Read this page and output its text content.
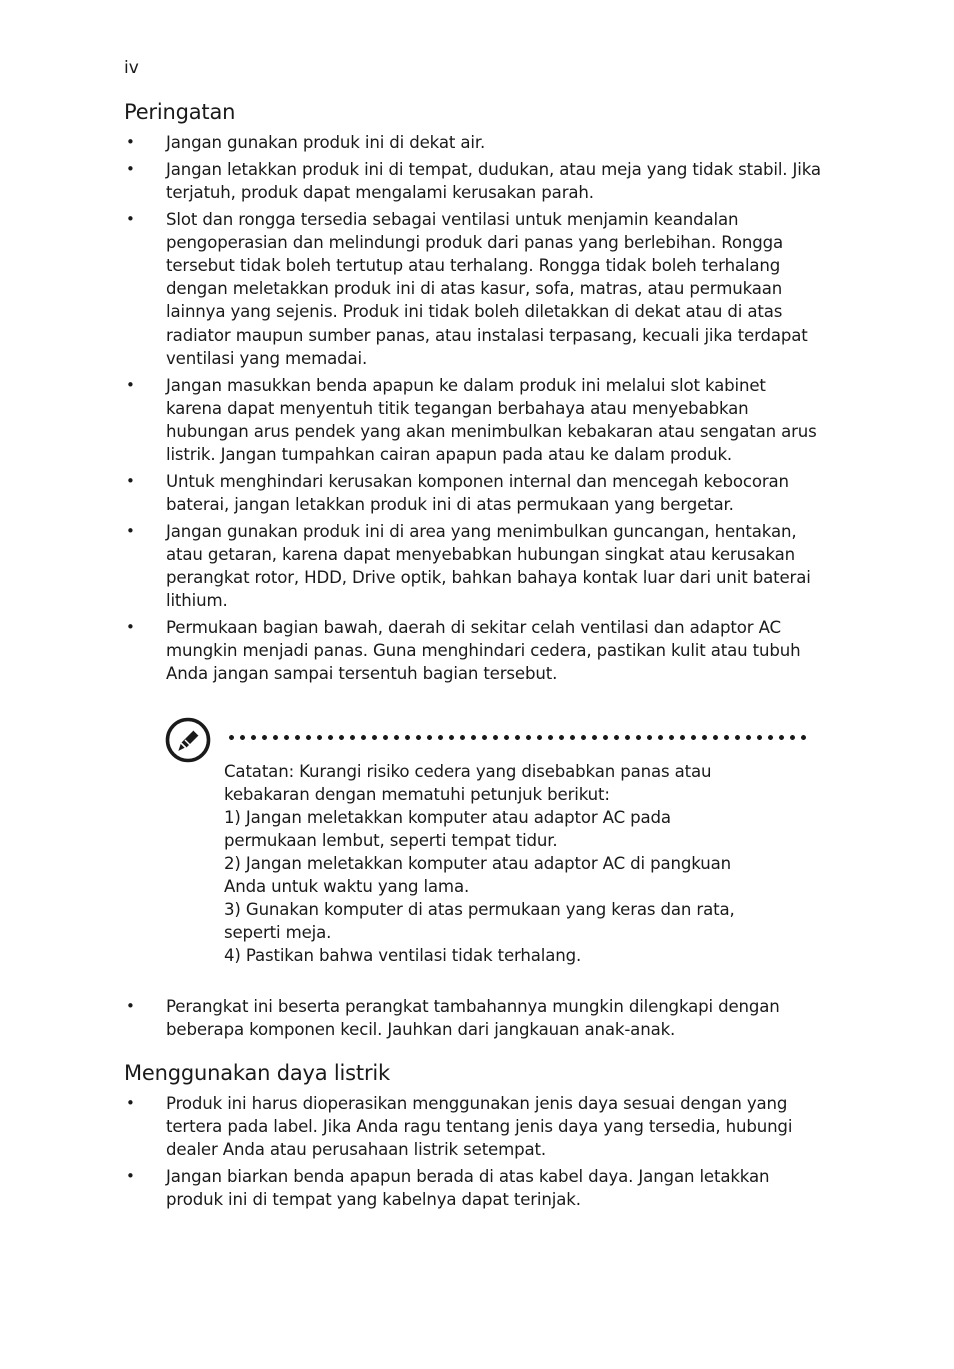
iv
Peringatan
• Jangan gunakan produk ini di dekat air.
• Jangan letakkan produk ini di tempat, dudukan, atau meja yang tidak stabil. Jika terjatuh, produk dapat mengalami kerusakan parah.
• Slot dan rongga tersedia sebagai ventilasi untuk menjamin keandalan pengoperasian dan melindungi produk dari panas yang berlebihan. Rongga tersebut tidak boleh tertutup atau terhalang. Rongga tidak boleh terhalang dengan meletakkan produk ini di atas kasur, sofa, matras, atau permukaan lainnya yang sejenis. Produk ini tidak boleh diletakkan di dekat atau di atas radiator maupun sumber panas, atau instalasi terpasang, kecuali jika terdapat ventilasi yang memadai.
• Jangan masukkan benda apapun ke dalam produk ini melalui slot kabinet karena dapat menyentuh titik tegangan berbahaya atau menyebabkan hubungan arus pendek yang akan menimbulkan kebakaran atau sengatan arus listrik. Jangan tumpahkan cairan apapun pada atau ke dalam produk.
• Untuk menghindari kerusakan komponen internal dan mencegah kebocoran baterai, jangan letakkan produk ini di atas permukaan yang bergetar.
• Jangan gunakan produk ini di area yang menimbulkan guncangan, hentakan, atau getaran, karena dapat menyebabkan hubungan singkat atau kerusakan perangkat rotor, HDD, Drive optik, bahkan bahaya kontak luar dari unit baterai lithium.
• Permukaan bagian bawah, daerah di sekitar celah ventilasi dan adaptor AC mungkin menjadi panas. Guna menghindari cedera, pastikan kulit atau tubuh Anda jangan sampai tersentuh bagian tersebut.
Catatan: Kurangi risiko cedera yang disebabkan panas atau
kebakaran dengan mematuhi petunjuk berikut:
1) Jangan meletakkan komputer atau adaptor AC pada
permukaan lembut, seperti tempat tidur.
2) Jangan meletakkan komputer atau adaptor AC di pangkuan
Anda untuk waktu yang lama.
3) Gunakan komputer di atas permukaan yang keras dan rata,
seperti meja.
4) Pastikan bahwa ventilasi tidak terhalang.
• Perangkat ini beserta perangkat tambahannya mungkin dilengkapi dengan beberapa komponen kecil. Jauhkan dari jangkauan anak-anak.
Menggunakan daya listrik
• Produk ini harus dioperasikan menggunakan jenis daya sesuai dengan yang tertera pada label. Jika Anda ragu tentang jenis daya yang tersedia, hubungi dealer Anda atau perusahaan listrik setempat.
• Jangan biarkan benda apapun berada di atas kabel daya. Jangan letakkan produk ini di tempat yang kabelnya dapat terinjak.
